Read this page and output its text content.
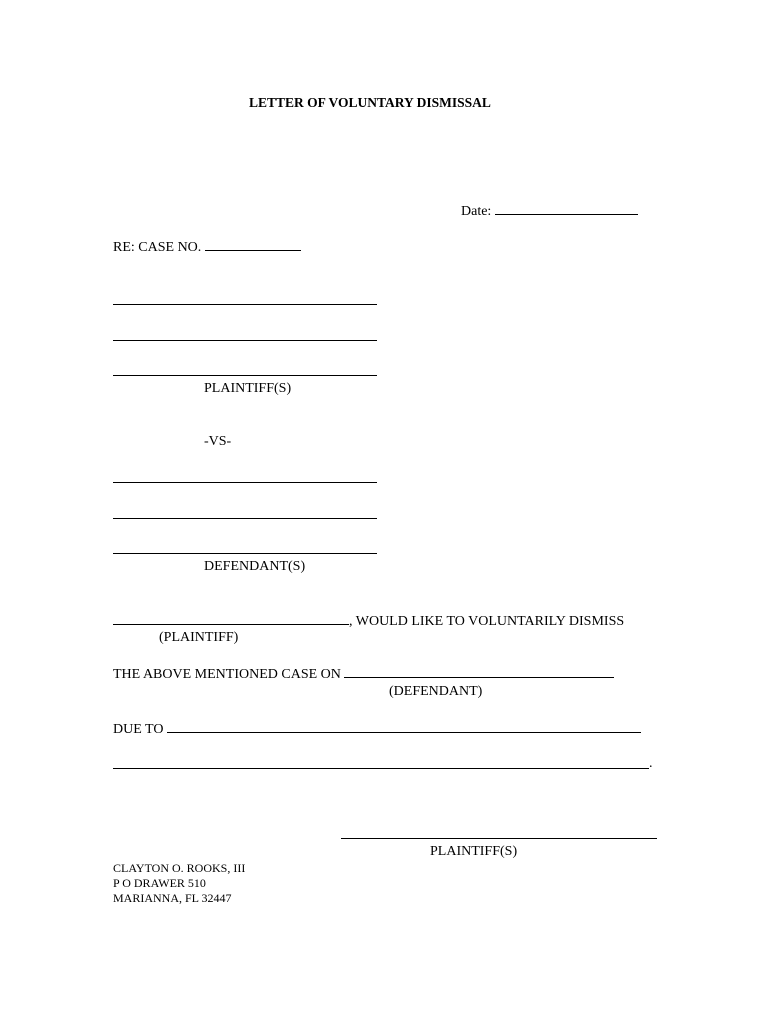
LETTER OF VOLUNTARY DISMISSAL
Date:
RE: CASE NO.
PLAINTIFF(S)
-VS-
DEFENDANT(S)
, WOULD LIKE TO VOLUNTARILY DISMISS
(PLAINTIFF)
THE ABOVE MENTIONED CASE ON
(DEFENDANT)
DUE TO
.
PLAINTIFF(S)
CLAYTON O. ROOKS, III
P O DRAWER 510
MARIANNA, FL 32447
